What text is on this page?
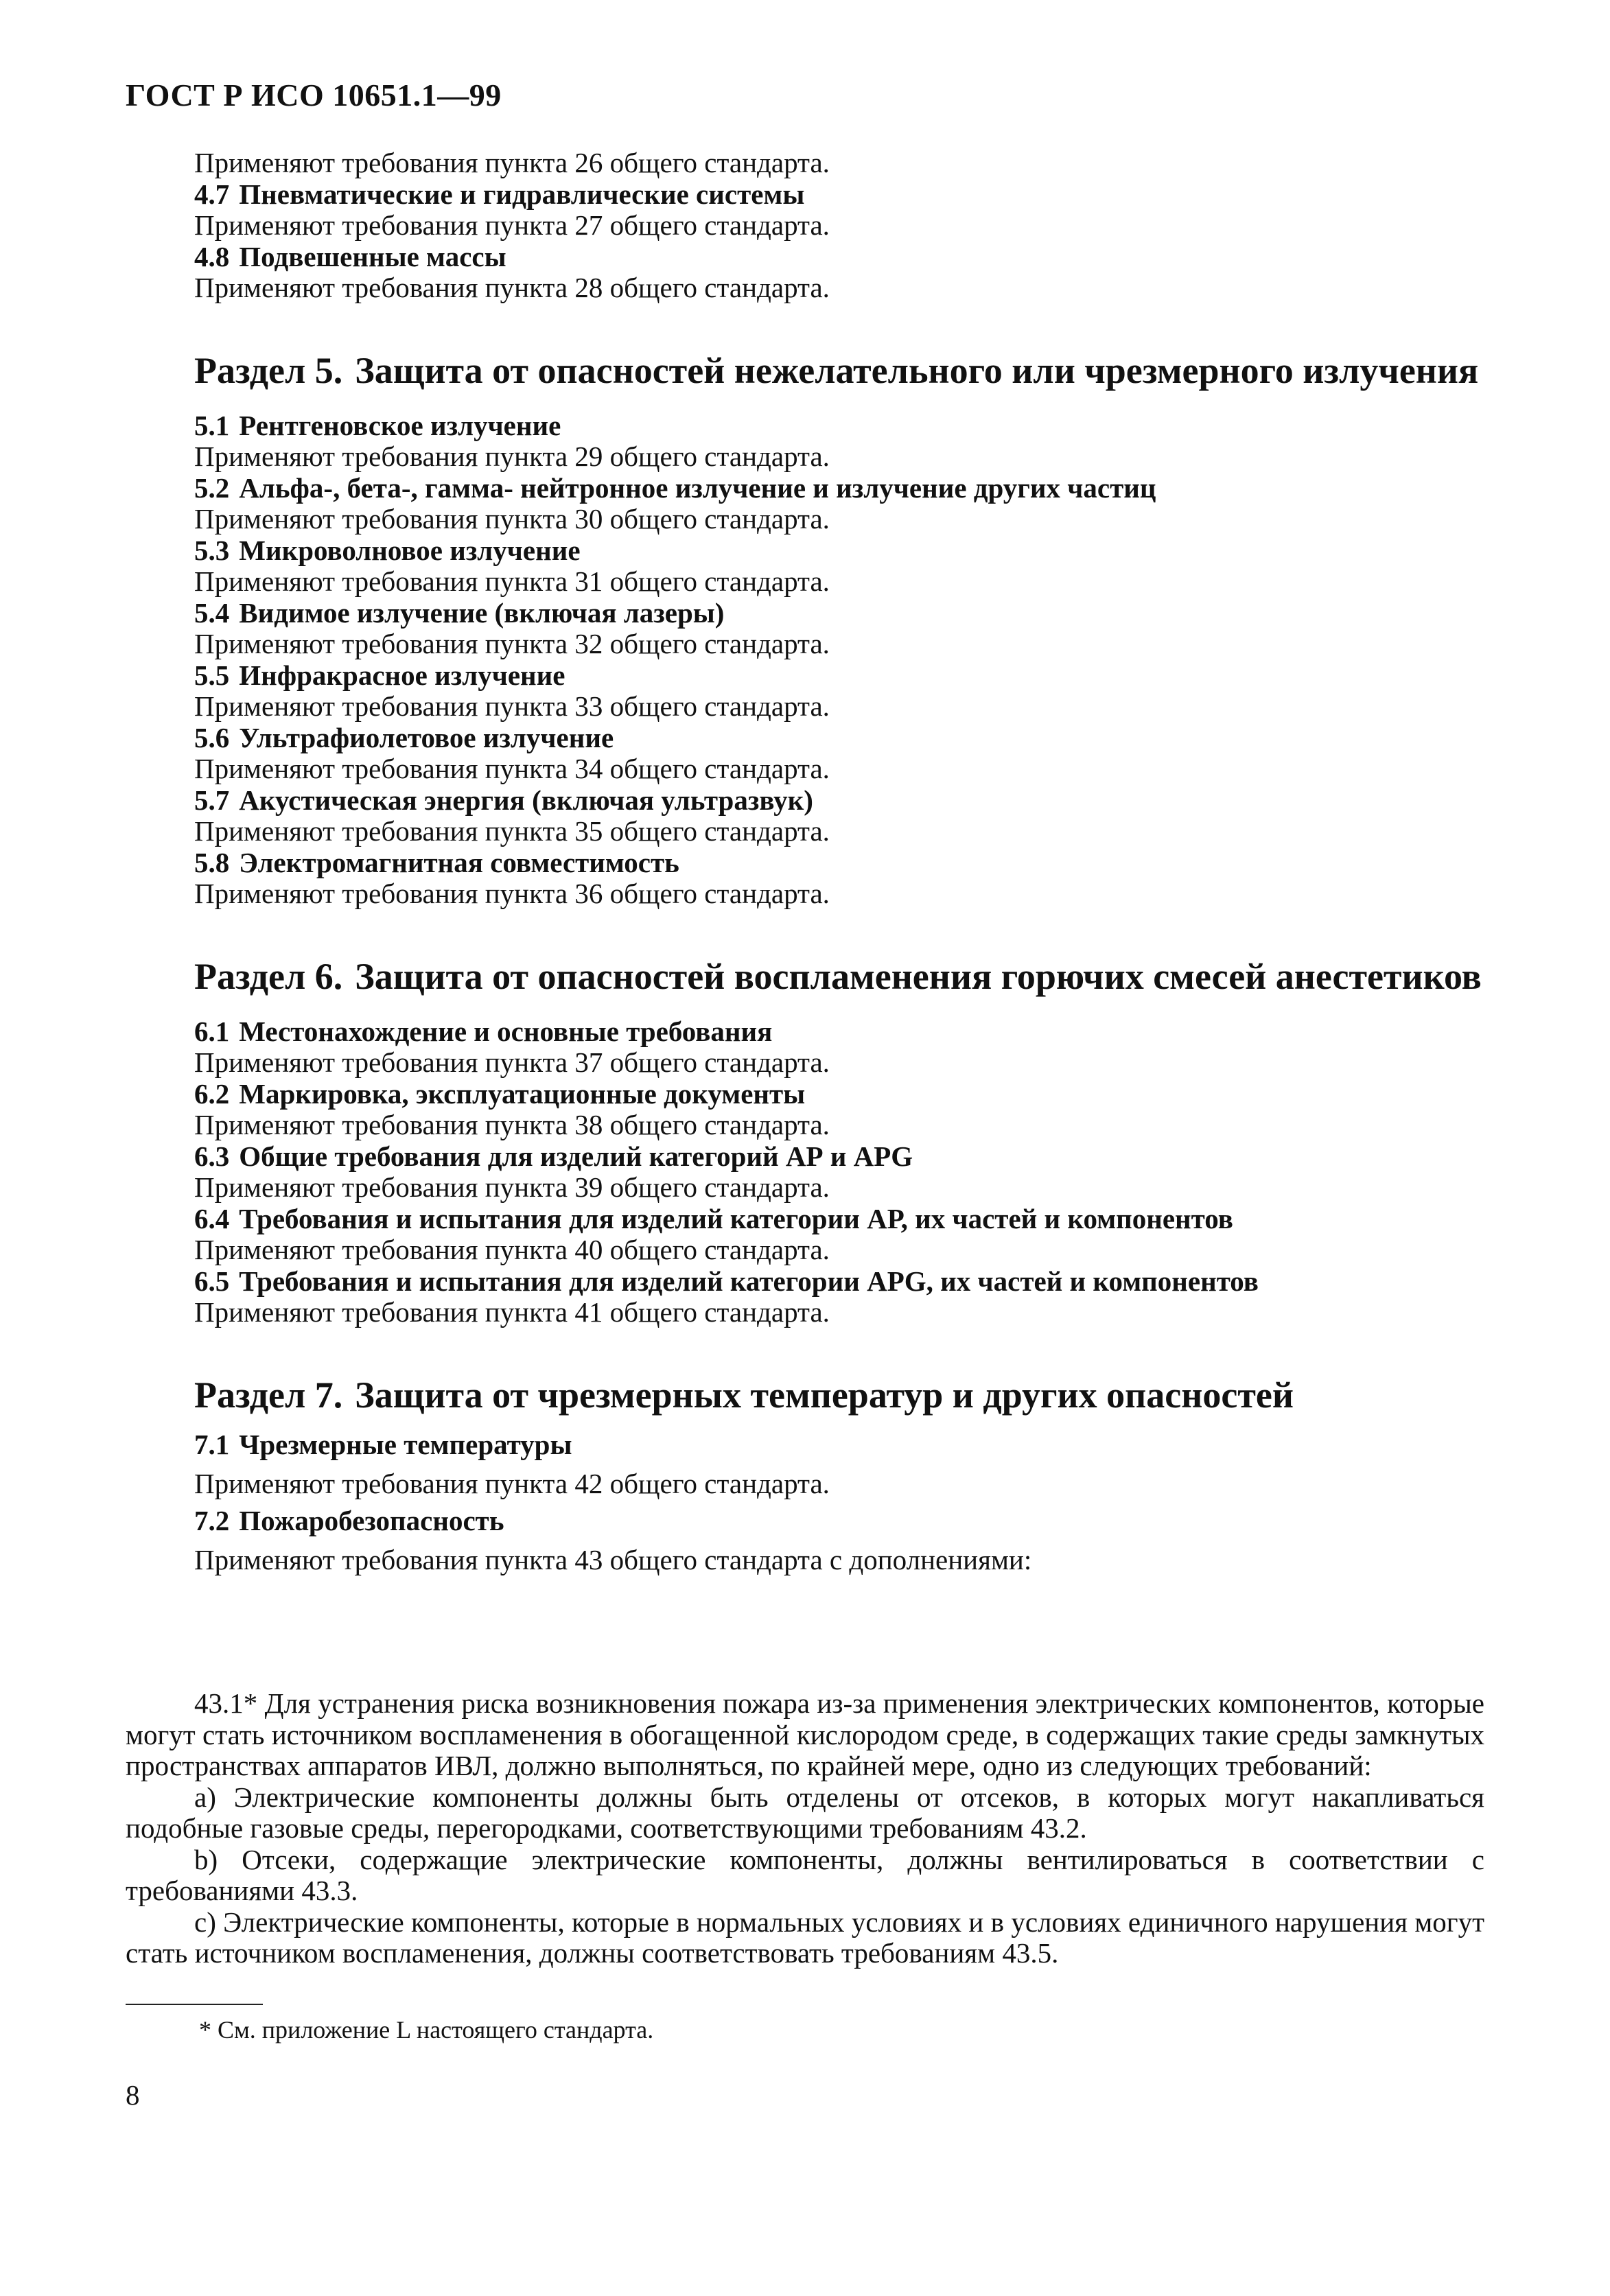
ГОСТ Р ИСО 10651.1—99

Применяют требования пункта 26 общего стандарта.

4.7 Пневматические и гидравлические системы

Применяют требования пункта 27 общего стандарта.

4.8 Подвешенные массы

Применяют требования пункта 28 общего стандарта.

Раздел 5. Защита от опасностей нежелательного или чрезмерного излучения

5.1 Рентгеновское излучение

Применяют требования пункта 29 общего стандарта.

5.2 Альфа-, бета-, гамма- нейтронное излучение и излучение других частиц

Применяют требования пункта 30 общего стандарта.

5.3 Микроволновое излучение

Применяют требования пункта 31 общего стандарта.

5.4 Видимое излучение (включая лазеры)

Применяют требования пункта 32 общего стандарта.

5.5 Инфракрасное излучение

Применяют требования пункта 33 общего стандарта.

5.6 Ультрафиолетовое излучение

Применяют требования пункта 34 общего стандарта.

5.7 Акустическая энергия (включая ультразвук)

Применяют требования пункта 35 общего стандарта.

5.8 Электромагнитная совместимость

Применяют требования пункта 36 общего стандарта.

Раздел 6. Защита от опасностей воспламенения горючих смесей анестетиков

6.1 Местонахождение и основные требования

Применяют требования пункта 37 общего стандарта.

6.2 Маркировка, эксплуатационные документы

Применяют требования пункта 38 общего стандарта.

6.3 Общие требования для изделий категорий АР и APG

Применяют требования пункта 39 общего стандарта.

6.4 Требования и испытания для изделий категории АР, их частей и компонентов

Применяют требования пункта 40 общего стандарта.

6.5 Требования и испытания для изделий категории APG, их частей и компонентов

Применяют требования пункта 41 общего стандарта.

Раздел 7. Защита от чрезмерных температур и других опасностей

7.1 Чрезмерные температуры

Применяют требования пункта 42 общего стандарта.

7.2 Пожаробезопасность

Применяют требования пункта 43 общего стандарта с дополнениями:

43.1* Для устранения риска возникновения пожара из-за применения электрических компонентов, которые могут стать источником воспламенения в обогащенной кислородом среде, в содержащих такие среды замкнутых пространствах аппаратов ИВЛ, должно выполняться, по крайней мере, одно из следующих требований:

а) Электрические компоненты должны быть отделены от отсеков, в которых могут накапливаться подобные газовые среды, перегородками, соответствующими требованиям 43.2.

b) Отсеки, содержащие электрические компоненты, должны вентилироваться в соответствии с требованиями 43.3.

с) Электрические компоненты, которые в нормальных условиях и в условиях единичного нарушения могут стать источником воспламенения, должны соответствовать требованиям 43.5.

* См. приложение L настоящего стандарта.
8
